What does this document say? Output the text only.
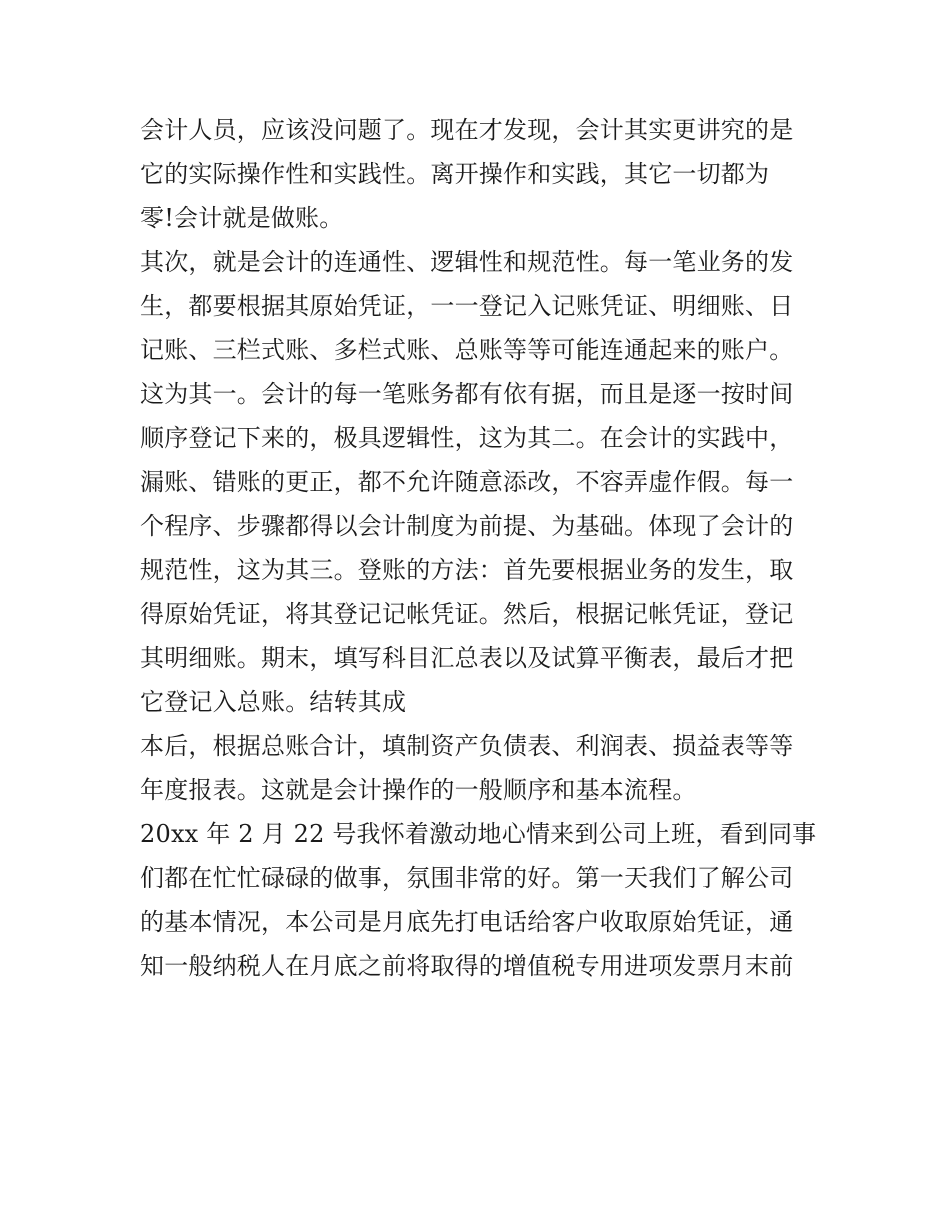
会计人员，应该没问题了。现在才发现，会计其实更讲究的是
它的实际操作性和实践性。离开操作和实践，其它一切都为
零!会计就是做账。
其次，就是会计的连通性、逻辑性和规范性。每一笔业务的发
生，都要根据其原始凭证，一一登记入记账凭证、明细账、日
记账、三栏式账、多栏式账、总账等等可能连通起来的账户。
这为其一。会计的每一笔账务都有依有据，而且是逐一按时间
顺序登记下来的，极具逻辑性，这为其二。在会计的实践中，
漏账、错账的更正，都不允许随意添改，不容弄虚作假。每一
个程序、步骤都得以会计制度为前提、为基础。体现了会计的
规范性，这为其三。登账的方法：首先要根据业务的发生，取
得原始凭证，将其登记记帐凭证。然后，根据记帐凭证，登记
其明细账。期末，填写科目汇总表以及试算平衡表，最后才把
它登记入总账。结转其成
本后，根据总账合计，填制资产负债表、利润表、损益表等等
年度报表。这就是会计操作的一般顺序和基本流程。
20xx 年 2 月 22 号我怀着激动地心情来到公司上班，看到同事
们都在忙忙碌碌的做事，氛围非常的好。第一天我们了解公司
的基本情况，本公司是月底先打电话给客户收取原始凭证，通
知一般纳税人在月底之前将取得的增值税专用进项发票月末前
